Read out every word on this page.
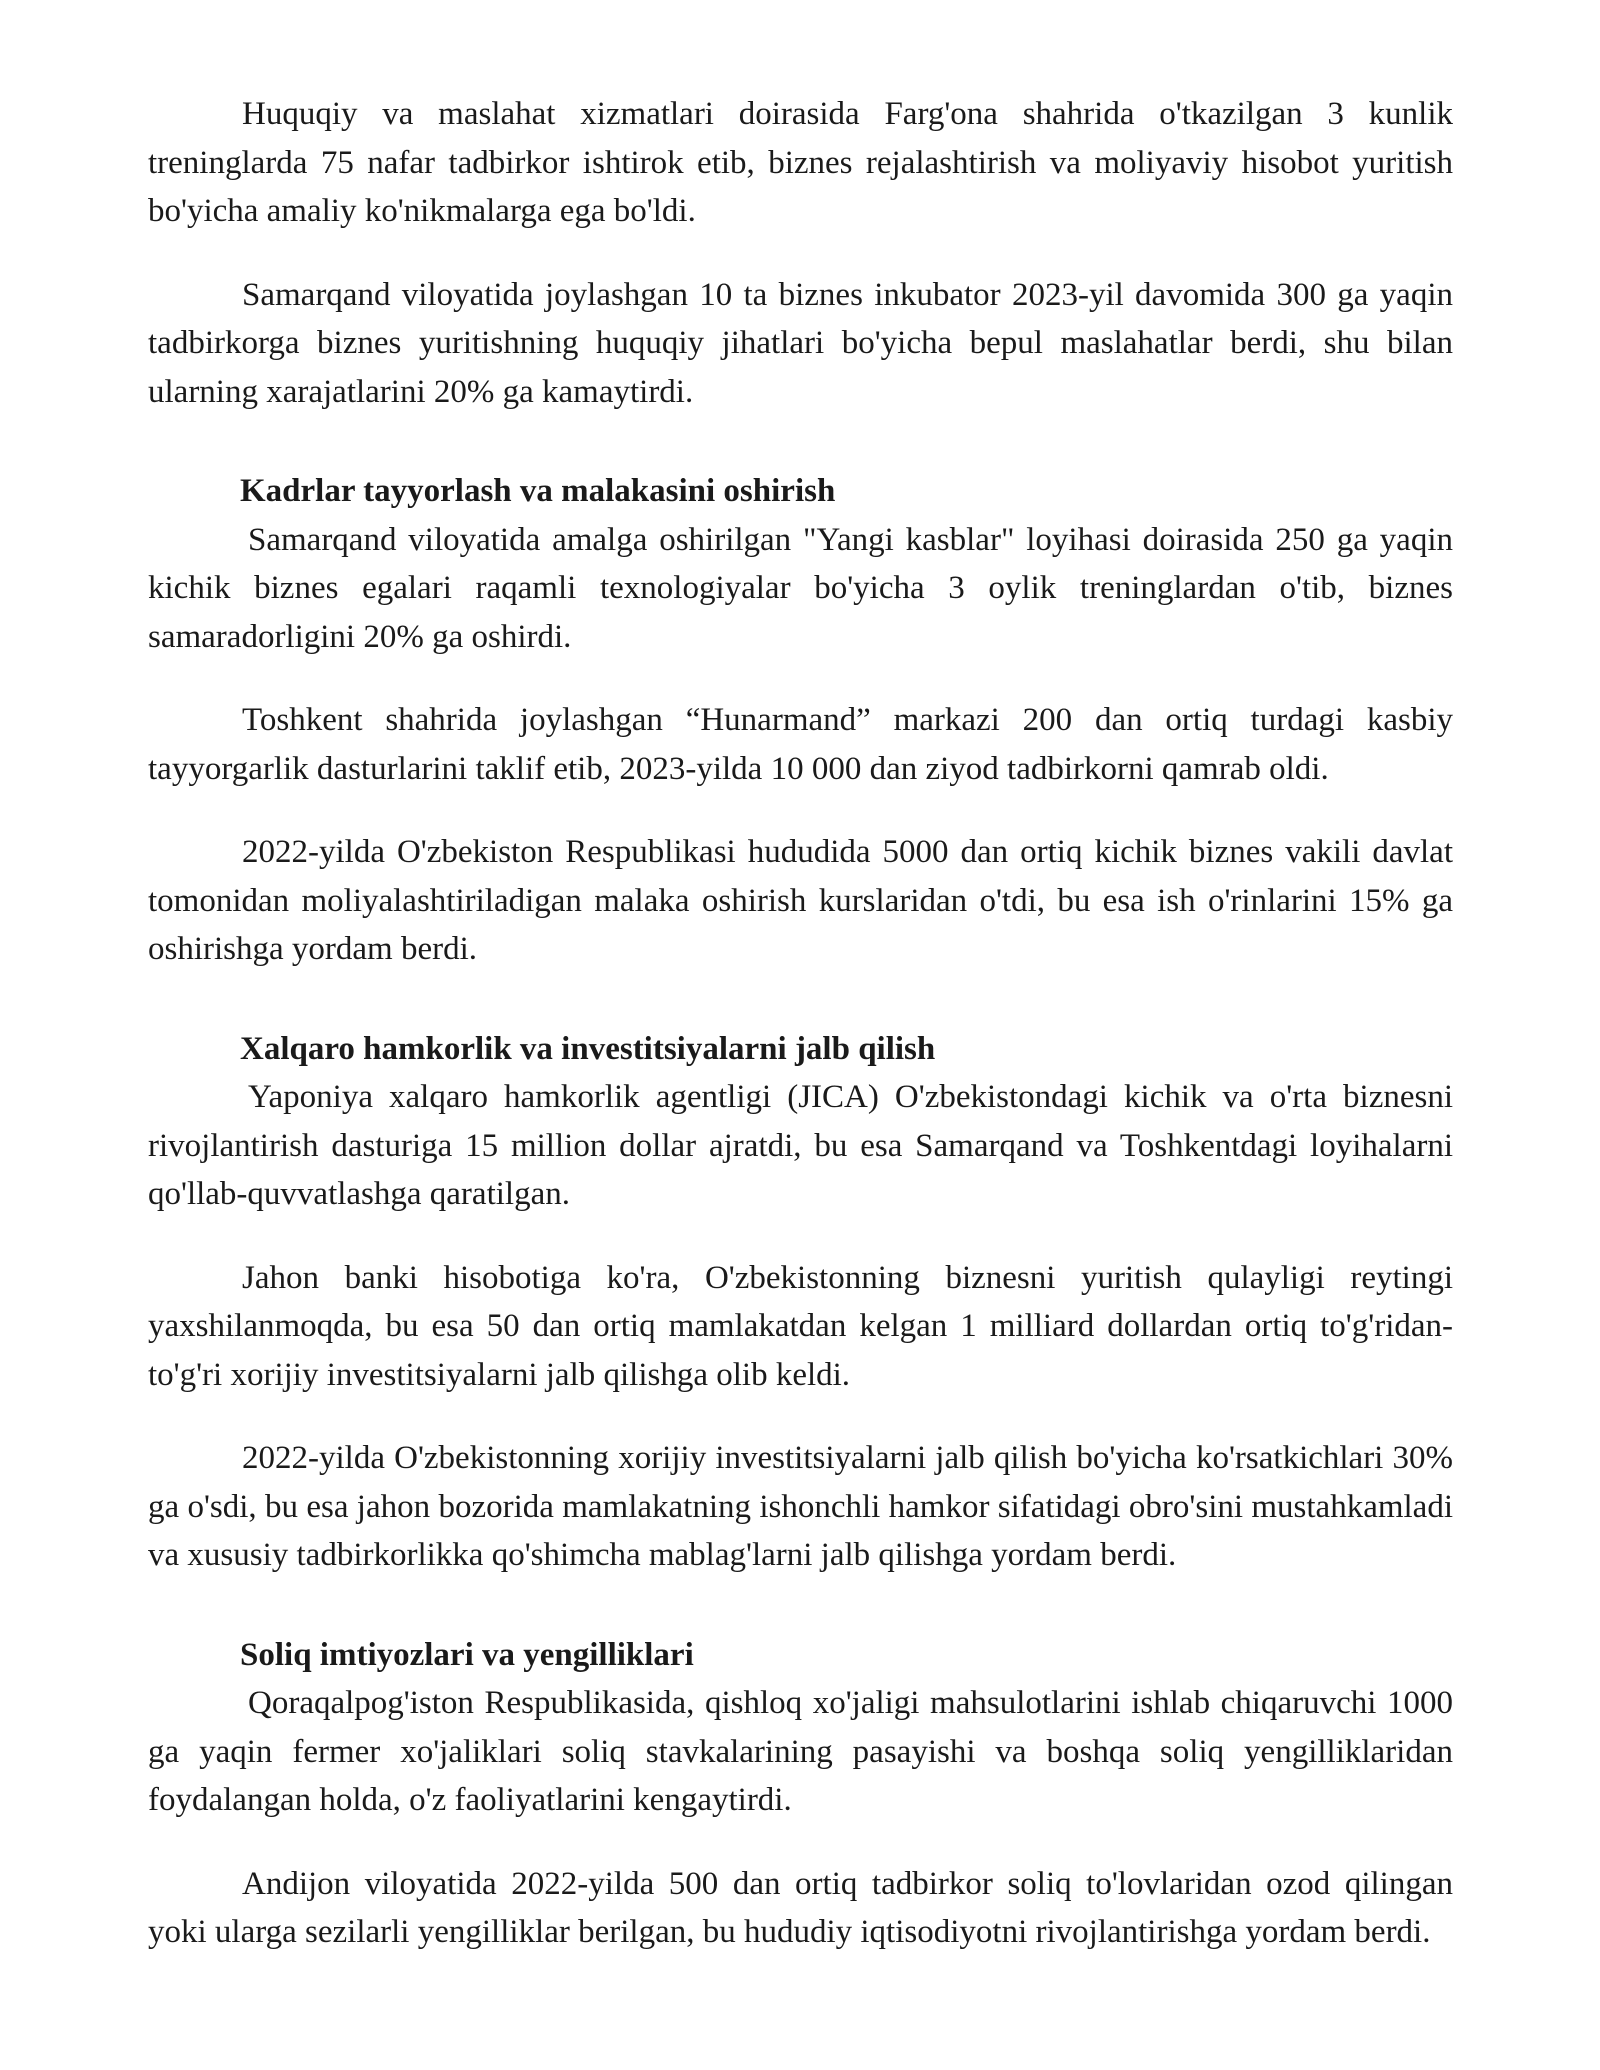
Huquqiy va maslahat xizmatlari doirasida Farg'ona shahrida o'tkazilgan 3 kunlik treninglarda 75 nafar tadbirkor ishtirok etib, biznes rejalashtirish va moliyaviy hisobot yuritish bo'yicha amaliy ko'nikmalarga ega bo'ldi.

Samarqand viloyatida joylashgan 10 ta biznes inkubator 2023-yil davomida 300 ga yaqin tadbirkorga biznes yuritishning huquqiy jihatlari bo'yicha bepul maslahatlar berdi, shu bilan ularning xarajatlarini 20% ga kamaytirdi.

Kadrlar tayyorlash va malakasini oshirish

Samarqand viloyatida amalga oshirilgan "Yangi kasblar" loyihasi doirasida 250 ga yaqin kichik biznes egalari raqamli texnologiyalar bo'yicha 3 oylik treninglardan o'tib, biznes samaradorligini 20% ga oshirdi.

Toshkent shahrida joylashgan “Hunarmand” markazi 200 dan ortiq turdagi kasbiy tayyorgarlik dasturlarini taklif etib, 2023-yilda 10 000 dan ziyod tadbirkorni qamrab oldi.

2022-yilda O'zbekiston Respublikasi hududida 5000 dan ortiq kichik biznes vakili davlat tomonidan moliyalashtiriladigan malaka oshirish kurslaridan o'tdi, bu esa ish o'rinlarini 15% ga oshirishga yordam berdi.

Xalqaro hamkorlik va investitsiyalarni jalb qilish

Yaponiya xalqaro hamkorlik agentligi (JICA) O'zbekistondagi kichik va o'rta biznesni rivojlantirish dasturiga 15 million dollar ajratdi, bu esa Samarqand va Toshkentdagi loyihalarni qo'llab-quvvatlashga qaratilgan.

Jahon banki hisobotiga ko'ra, O'zbekistonning biznesni yuritish qulayligi reytingi yaxshilanmoqda, bu esa 50 dan ortiq mamlakatdan kelgan 1 milliard dollardan ortiq to'g'ridan-to'g'ri xorijiy investitsiyalarni jalb qilishga olib keldi.

2022-yilda O'zbekistonning xorijiy investitsiyalarni jalb qilish bo'yicha ko'rsatkichlari 30% ga o'sdi, bu esa jahon bozorida mamlakatning ishonchli hamkor sifatidagi obro'sini mustahkamladi va xususiy tadbirkorlikka qo'shimcha mablag'larni jalb qilishga yordam berdi.

Soliq imtiyozlari va yengilliklari

Qoraqalpog'iston Respublikasida, qishloq xo'jaligi mahsulotlarini ishlab chiqaruvchi 1000 ga yaqin fermer xo'jaliklari soliq stavkalarining pasayishi va boshqa soliq yengilliklaridan foydalangan holda, o'z faoliyatlarini kengaytirdi.

Andijon viloyatida 2022-yilda 500 dan ortiq tadbirkor soliq to'lovlaridan ozod qilingan yoki ularga sezilarli yengilliklar berilgan, bu hududiy iqtisodiyotni rivojlantirishga yordam berdi.
